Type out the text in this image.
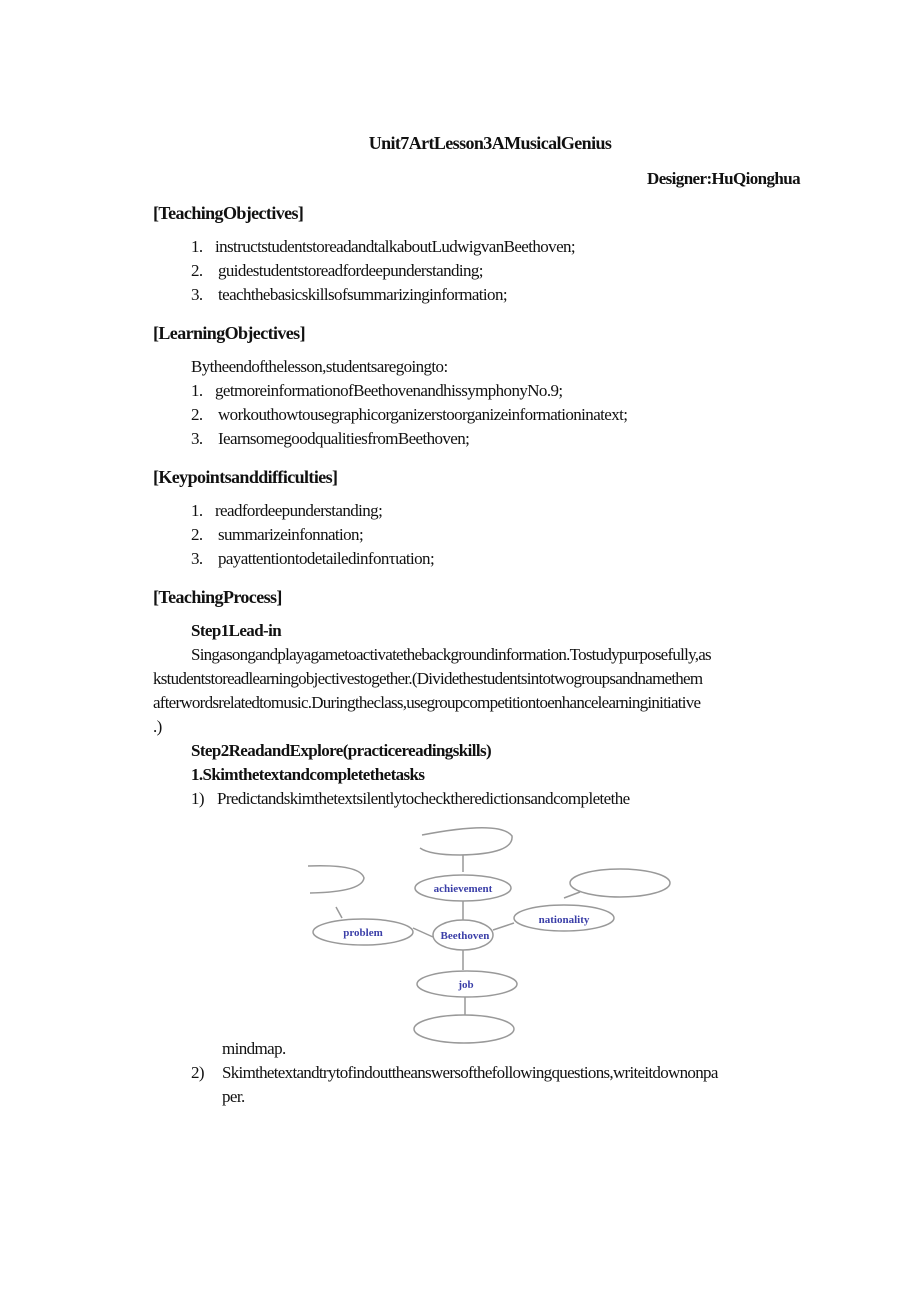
Unit7ArtLesson3AMusicalGenius
Designer:HuQionghua
[TeachingObjectives]
1. instructstudentstoreadandtalkaboutLudwigvanBeethoven;
2. guidestudentstoreadfordeepunderstanding;
3. teachthebasicskillsofsummarizinginformation;
[LearningObjectives]
Bytheendofthelesson,studentsaregoingto:
1. getmoreinformationofBeethovenandhissymphonyNo.9;
2. workouthowtousegraphicorganizerstoorganizeinformationinatext;
3. IearnsomegoodqualitiesfromBeethoven;
[Keypointsanddifficulties]
1. readfordeepunderstanding;
2. summarizeinfonnation;
3. payattentiontodetailedinfonτιation;
[TeachingProcess]
Step1Lead-in
Singasongandplayagametoactivatethebackgroundinformation.Tostudypurposefully,as
kstudentstoreadlearningobjectivestogether.(Dividethestudentsintotwogroupsandnamethem
afterwordsrelatedtomusic.Duringtheclass,usegroupcompetitiontoenhancelearninginitiative
.)
Step2ReadandExplore(practicereadingskills)
1.Skimthetextandcompletethetasks
1) Predictandskimthetextsilentlytochecktheredictionsandcompletethe
achievement
problem
nationality
job
Beethoven
mindmap.
2) Skimthetextandtrytofindouttheanswersofthefollowingquestions,writeitdownonpa
per.
